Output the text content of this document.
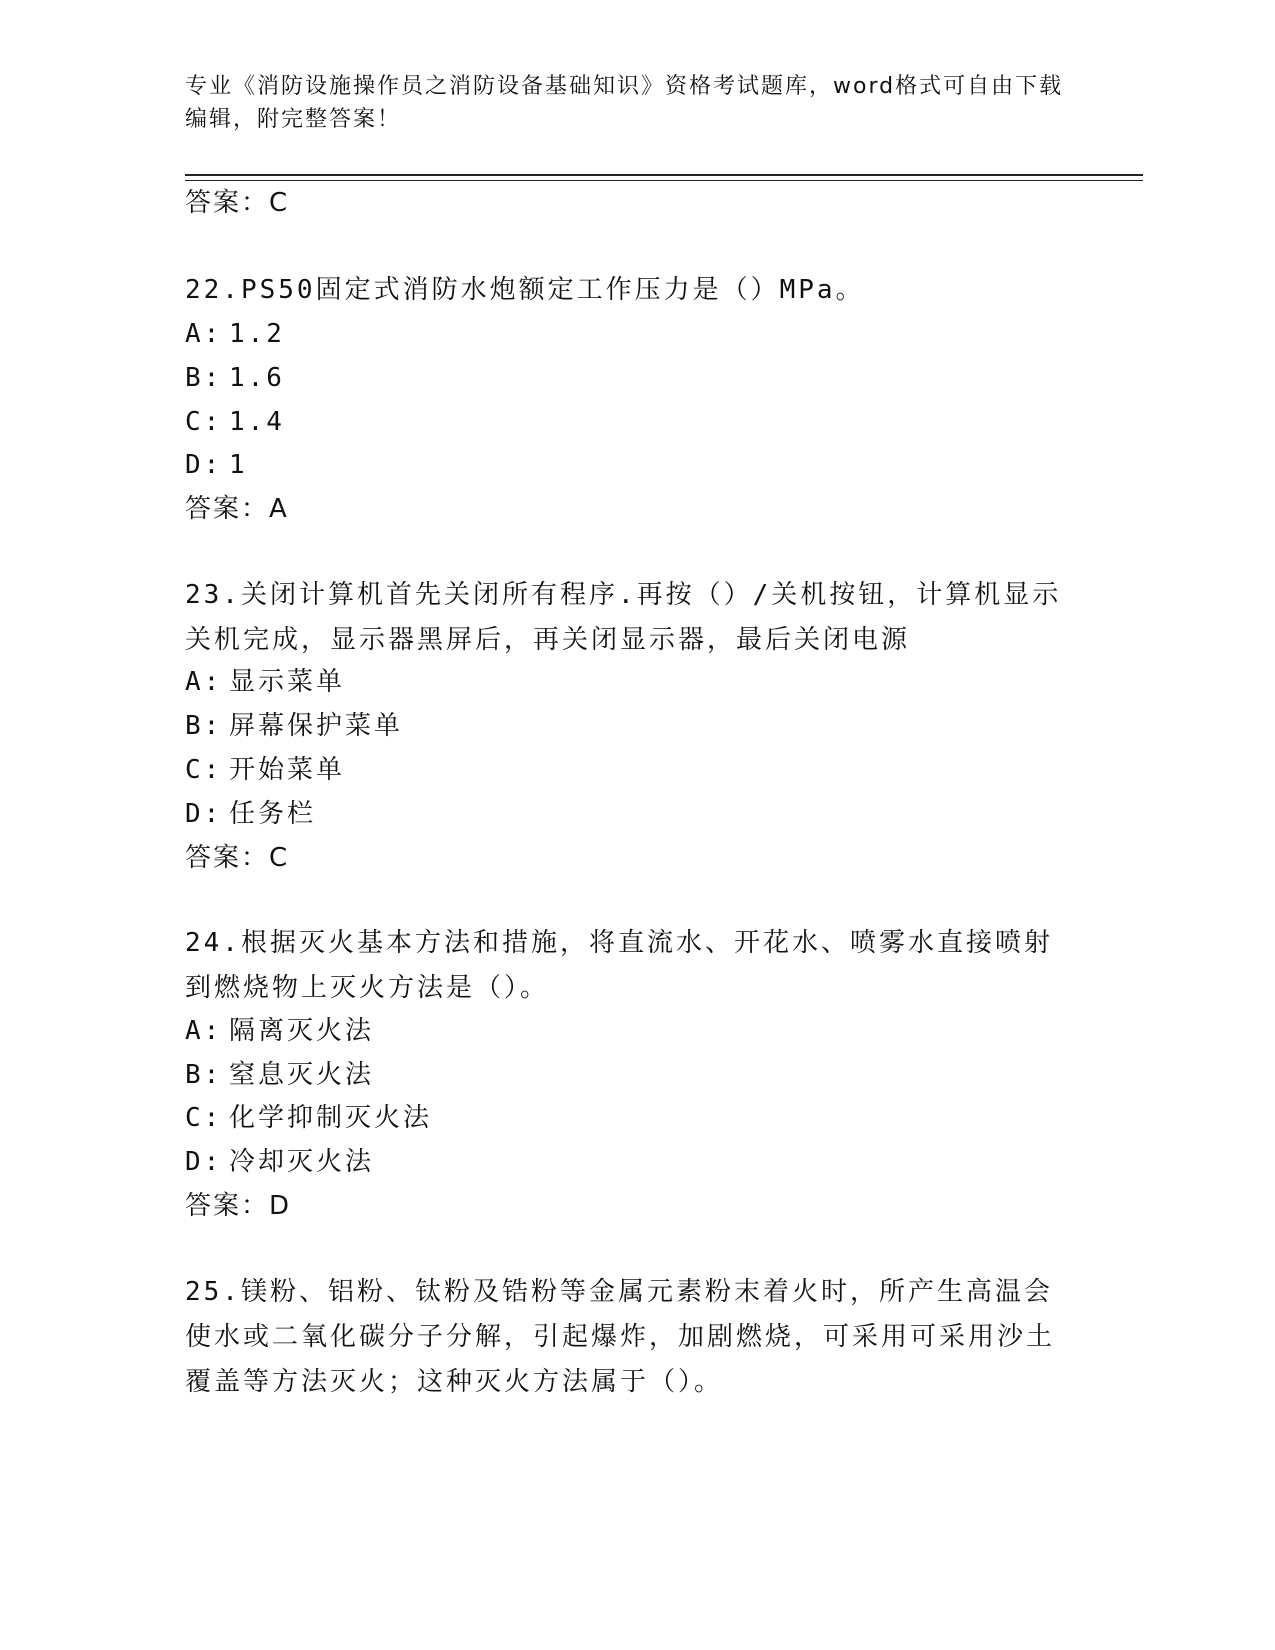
专业《消防设施操作员之消防设备基础知识》资格考试题库，word格式可自由下载编辑，附完整答案！
答案：C
22.PS50固定式消防水炮额定工作压力是（）MPa。
A: 1.2
B: 1.6
C: 1.4
D: 1
答案：A
23.关闭计算机首先关闭所有程序.再按（）/关机按钮，计算机显示关机完成，显示器黑屏后，再关闭显示器，最后关闭电源
A: 显示菜单
B: 屏幕保护菜单
C: 开始菜单
D: 任务栏
答案：C
24.根据灭火基本方法和措施，将直流水、开花水、喷雾水直接喷射到燃烧物上灭火方法是（）。
A: 隔离灭火法
B: 窒息灭火法
C: 化学抑制灭火法
D: 冷却灭火法
答案：D
25.镁粉、铝粉、钛粉及锆粉等金属元素粉末着火时，所产生高温会使水或二氧化碳分子分解，引起爆炸，加剧燃烧，可采用可采用沙土覆盖等方法灭火；这种灭火方法属于（）。
